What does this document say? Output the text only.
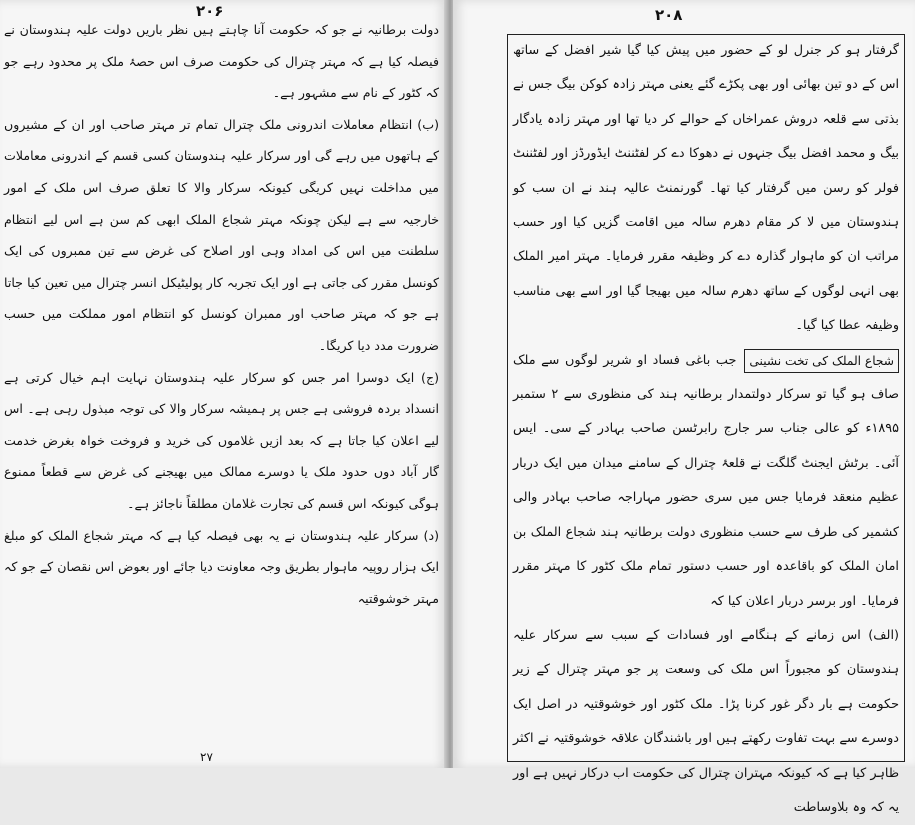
۲۰۶

دولت برطانیہ نے جو کہ حکومت آنا چاہتے ہیں نظر باریں دولت علیہ ہندوستان نے فیصلہ کیا ہے کہ مہتر چترال کی حکومت صرف اس حصۂ ملک پر محدود رہے جو کہ کٹور کے نام سے مشہور ہے۔

(ب) انتظام معاملات اندرونی ملک چترال تمام تر مہتر صاحب اور ان کے مشیروں کے ہاتھوں میں رہے گی اور سرکار علیہ ہندوستان کسی قسم کے اندرونی معاملات میں مداخلت نہیں کریگی کیونکہ سرکار والا کا تعلق صرف اس ملک کے امور خارجیہ سے ہے لیکن چونکہ مہتر شجاع الملک ابھی کم سن ہے اس لیے انتظام سلطنت میں اس کی امداد وہی اور اصلاح کی غرض سے تین ممبروں کی ایک کونسل مقرر کی جاتی ہے اور ایک تجربہ کار پولیٹیکل انسر چترال میں تعین کیا جاتا ہے جو کہ مہتر صاحب اور ممبران کونسل کو انتظام امور مملکت میں حسب ضرورت مدد دیا کریگا۔

(ج) ایک دوسرا امر جس کو سرکار علیہ ہندوستان نہایت اہم خیال کرتی ہے انسداد بردہ فروشی ہے جس پر ہمیشہ سرکار والا کی توجہ مبذول رہی ہے۔ اس لیے اعلان کیا جاتا ہے کہ بعد ازیں غلاموں کی خرید و فروخت خواہ بغرض خدمت گار آباد دوں حدود ملک یا دوسرے ممالک میں بھیجنے کی غرض سے قطعاً ممنوع ہوگی کیونکہ اس قسم کی تجارت غلامان مطلقاً ناجائز ہے۔

(د) سرکار علیہ ہندوستان نے یہ بھی فیصلہ کیا ہے کہ مہتر شجاع الملک کو مبلغ ایک ہزار روپیہ ماہوار بطریق وجہ معاونت دیا جائے اور بعوض اس نقصان کے جو کہ مہتر خوشوقتیہ

۲۷
۲۰۸

گرفتار ہو کر جنرل لو کے حضور میں پیش کیا گیا شیر افضل کے ساتھ اس کے دو تین بھائی اور بھی پکڑے گئے یعنی مہتر زادہ کوکن بیگ جس نے بذتی سے قلعہ دروش عمراخاں کے حوالے کر دیا تھا اور مہتر زادہ یادگار بیگ و محمد افضل بیگ جنہوں نے دھوکا دے کر لفٹننٹ ایڈورڈز اور لفٹننٹ فولر کو رسن میں گرفتار کیا تھا۔ گورنمنٹ عالیہ ہند نے ان سب کو ہندوستان میں لا کر مقام دھرم سالہ میں اقامت گزیں کیا اور حسب مراتب ان کو ماہوار گذارہ دے کر وظیفہ مقرر فرمایا۔ مہتر امیر الملک بھی انہی لوگوں کے ساتھ دھرم سالہ میں بھیجا گیا اور اسے بھی مناسب وظیفہ عطا کیا گیا۔

شجاع الملک کی تخت نشینی
جب باغی فساد او شریر لوگوں سے ملک صاف ہو گیا تو سرکار دولتمدار برطانیہ ہند کی منظوری سے ۲ ستمبر ۱۸۹۵ء کو عالی جناب سر جارج رابرٹسن صاحب بہادر کے سی۔ ایس آئی۔ برٹش ایجنٹ گلگت نے قلعۂ چترال کے سامنے میدان میں ایک دربار عظیم منعقد فرمایا جس میں سری حضور مہاراجہ صاحب بہادر والی کشمیر کی طرف سے حسب منظوری دولت برطانیہ ہند شجاع الملک بن امان الملک کو باقاعدہ اور حسب دستور تمام ملک کٹور کا مہتر مقرر فرمایا۔ اور برسر دربار اعلان کیا کہ

(الف) اس زمانے کے ہنگامے اور فسادات کے سبب سے سرکار علیہ ہندوستان کو مجبوراً اس ملک کی وسعت پر جو مہتر چترال کے زیر حکومت ہے بار دگر غور کرنا پڑا۔ ملک کٹور اور خوشوقتیہ در اصل ایک دوسرے سے بہت تفاوت رکھتے ہیں اور باشندگان علاقہ خوشوقتیہ نے اکثر ظاہر کیا ہے کہ کیونکہ مہتران چترال کی حکومت اب درکار نہیں ہے اور یہ کہ وہ بلاوساطت
